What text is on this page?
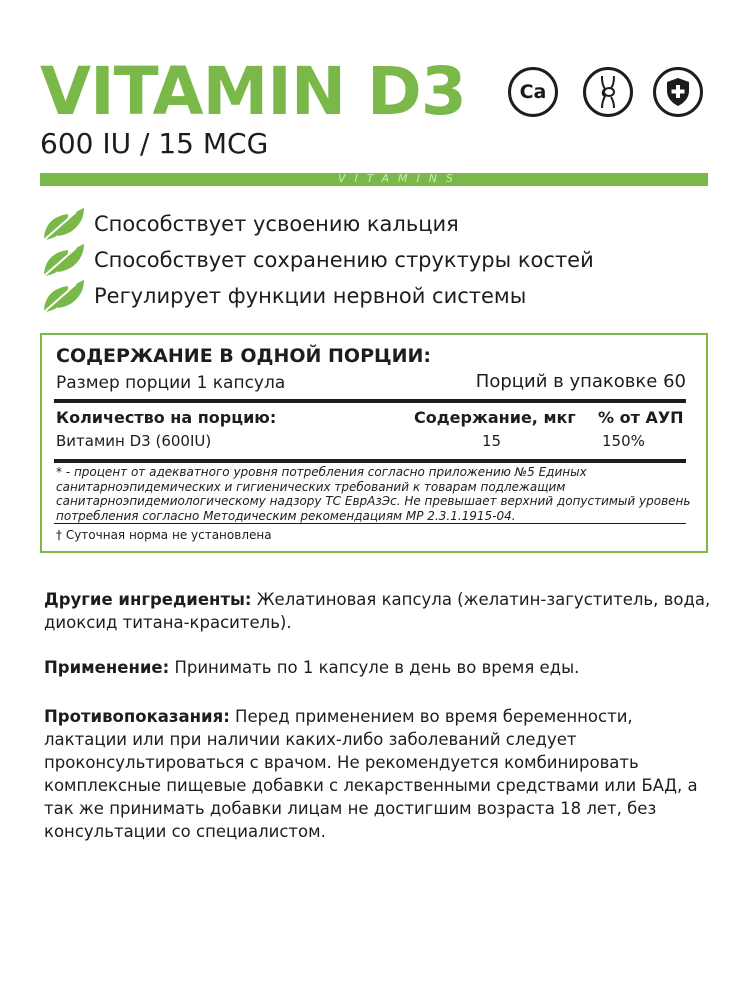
VITAMIN D3
600 IU / 15 MCG
Ca
VITAMINS
Способствует усвоению кальция
Способствует сохранению структуры костей
Регулирует функции нервной системы
СОДЕРЖАНИЕ В ОДНОЙ ПОРЦИИ:
Размер порции 1 капсула	Порций в упаковке 60
Количество на порцию:	Содержание, мкг % от АУП
Витамин D3 (600IU)	15	150%
* - процент от адекватного уровня потребления согласно приложению №5 Единых санитарноэпидемических и гигиенических требований к товарам подлежащим санитарноэпидемиологическому надзору ТС ЕврАзЭс. Не превышает верхний допустимый уровень потребления согласно Методическим рекомендациям МР 2.3.1.1915-04.
† Суточная норма не установлена
Другие ингредиенты: Желатиновая капсула (желатин-загуститель, вода, диоксид титана-краситель).
Применение: Принимать по 1 капсуле в день во время еды.
Противопоказания: Перед применением во время беременности, лактации или при наличии каких-либо заболеваний следует проконсультироваться с врачом. Не рекомендуется комбинировать комплексные пищевые добавки с лекарственными средствами или БАД, а так же принимать добавки лицам не достигшим возраста 18 лет, без консультации со специалистом.
